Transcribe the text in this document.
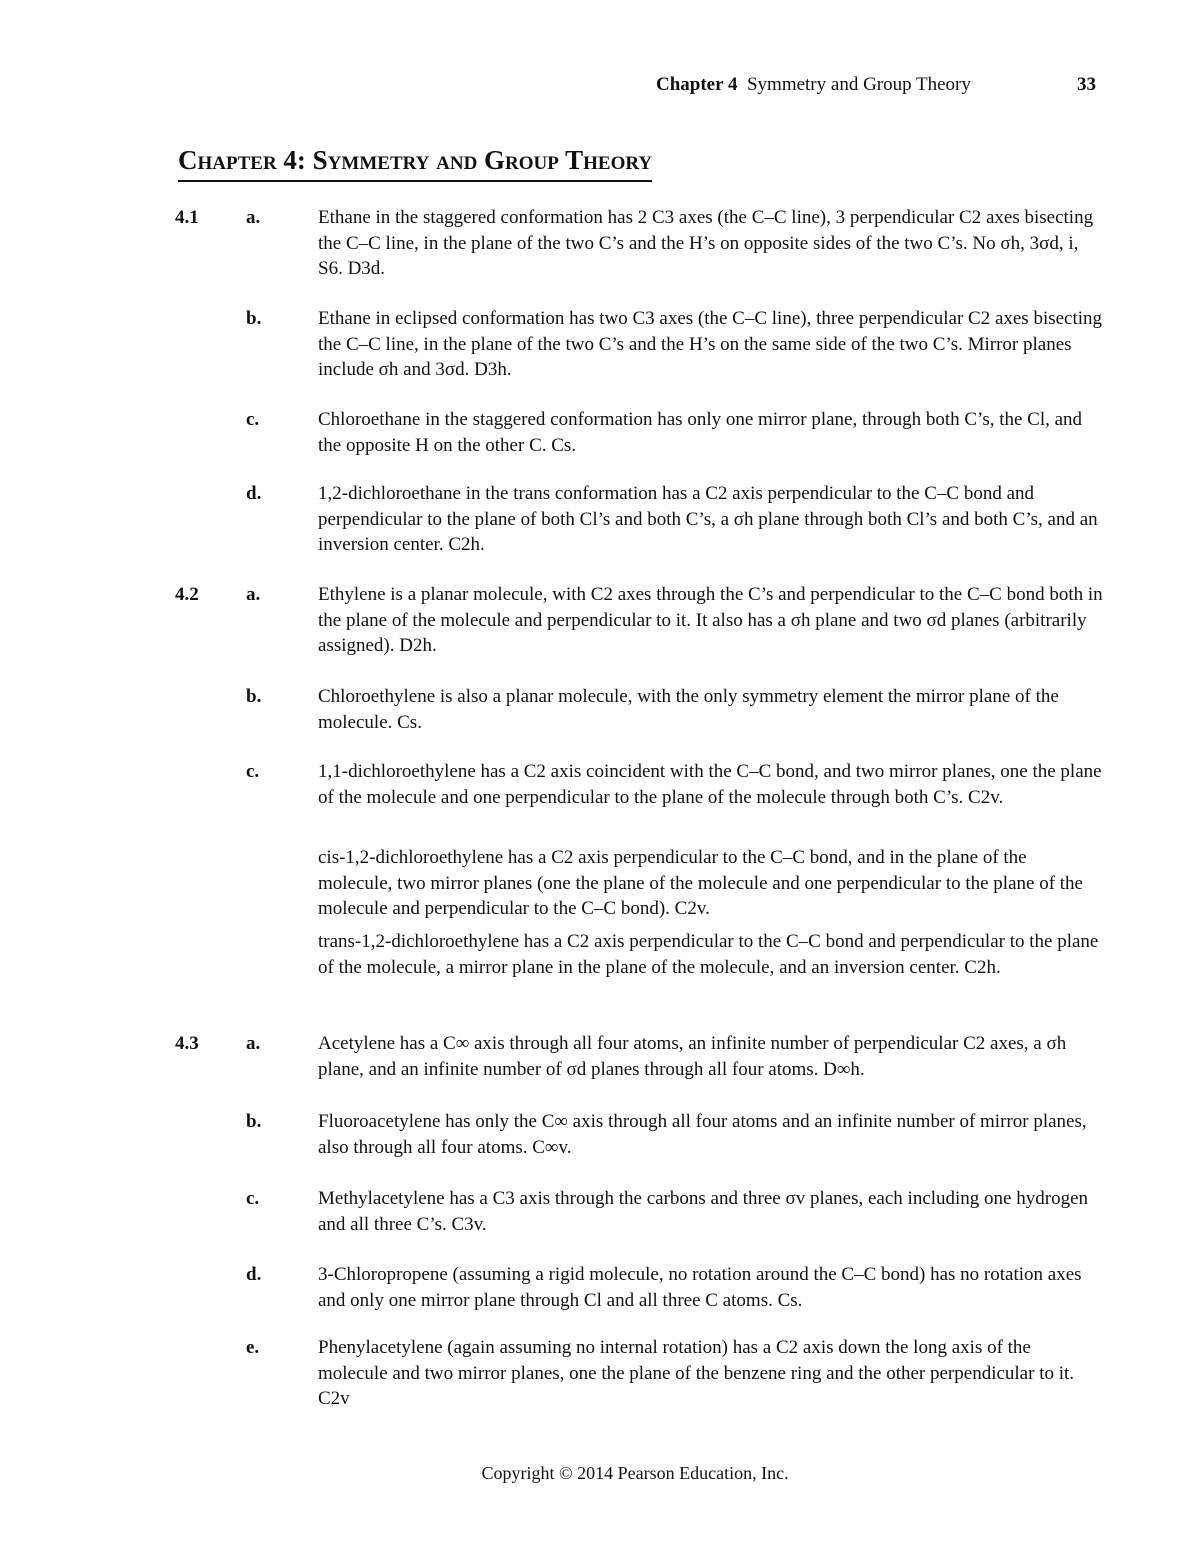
Chapter 4 Symmetry and Group Theory	33
Chapter 4: Symmetry and Group Theory
4.1 a.	Ethane in the staggered conformation has 2 C3 axes (the C–C line), 3 perpendicular C2 axes bisecting the C–C line, in the plane of the two C’s and the H’s on opposite sides of the two C’s. No σh, 3σd, i, S6. D3d.
b.	Ethane in eclipsed conformation has two C3 axes (the C–C line), three perpendicular C2 axes bisecting the C–C line, in the plane of the two C’s and the H’s on the same side of the two C’s. Mirror planes include σh and 3σd. D3h.
c.	Chloroethane in the staggered conformation has only one mirror plane, through both C’s, the Cl, and the opposite H on the other C. Cs.
d.	1,2-dichloroethane in the trans conformation has a C2 axis perpendicular to the C–C bond and perpendicular to the plane of both Cl’s and both C’s, a σh plane through both Cl’s and both C’s, and an inversion center. C2h.
4.2 a.	Ethylene is a planar molecule, with C2 axes through the C’s and perpendicular to the C–C bond both in the plane of the molecule and perpendicular to it. It also has a σh plane and two σd planes (arbitrarily assigned). D2h.
b.	Chloroethylene is also a planar molecule, with the only symmetry element the mirror plane of the molecule. Cs.
c.	1,1-dichloroethylene has a C2 axis coincident with the C–C bond, and two mirror planes, one the plane of the molecule and one perpendicular to the plane of the molecule through both C’s. C2v.
cis-1,2-dichloroethylene has a C2 axis perpendicular to the C–C bond, and in the plane of the molecule, two mirror planes (one the plane of the molecule and one perpendicular to the plane of the molecule and perpendicular to the C–C bond). C2v.
trans-1,2-dichloroethylene has a C2 axis perpendicular to the C–C bond and perpendicular to the plane of the molecule, a mirror plane in the plane of the molecule, and an inversion center. C2h.
4.3 a.	Acetylene has a C∞ axis through all four atoms, an infinite number of perpendicular C2 axes, a σh plane, and an infinite number of σd planes through all four atoms. D∞h.
b.	Fluoroacetylene has only the C∞ axis through all four atoms and an infinite number of mirror planes, also through all four atoms. C∞v.
c.	Methylacetylene has a C3 axis through the carbons and three σv planes, each including one hydrogen and all three C’s. C3v.
d.	3-Chloropropene (assuming a rigid molecule, no rotation around the C–C bond) has no rotation axes and only one mirror plane through Cl and all three C atoms. Cs.
e.	Phenylacetylene (again assuming no internal rotation) has a C2 axis down the long axis of the molecule and two mirror planes, one the plane of the benzene ring and the other perpendicular to it. C2v
Copyright © 2014 Pearson Education, Inc.
